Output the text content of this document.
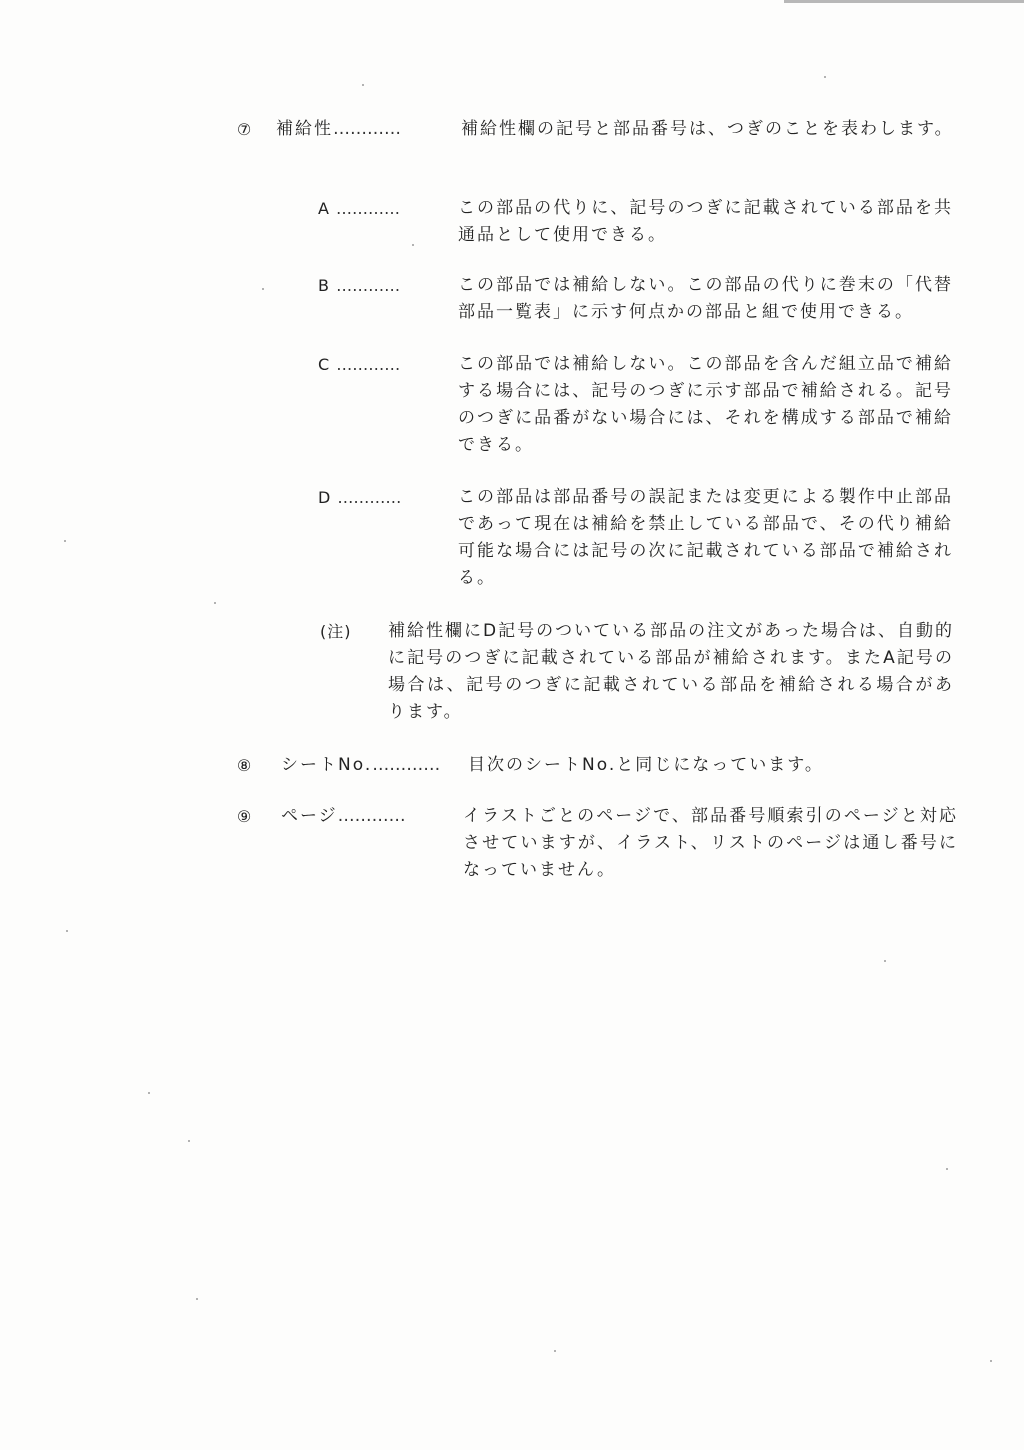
⑦ 補給性…………	補給性欄の記号と部品番号は、つぎのことを表わします。
A …………	この部品の代りに、記号のつぎに記載されている部品を共通品として使用できる。
B …………	この部品では補給しない。この部品の代りに巻末の「代替部品一覧表」に示す何点かの部品と組で使用できる。
C …………	この部品では補給しない。この部品を含んだ組立品で補給する場合には、記号のつぎに示す部品で補給される。記号のつぎに品番がない場合には、それを構成する部品で補給できる。
D …………	この部品は部品番号の誤記または変更による製作中止部品であって現在は補給を禁止している部品で、その代り補給可能な場合には記号の次に記載されている部品で補給される。
(注) 補給性欄にD記号のついている部品の注文があった場合は、自動的に記号のつぎに記載されている部品が補給されます。またA記号の場合は、記号のつぎに記載されている部品を補給される場合があります。
⑧ シートNo.………… 目次のシートNo.と同じになっています。
⑨ ページ…………	イラストごとのページで、部品番号順索引のページと対応させていますが、イラスト、リストのページは通し番号になっていません。
